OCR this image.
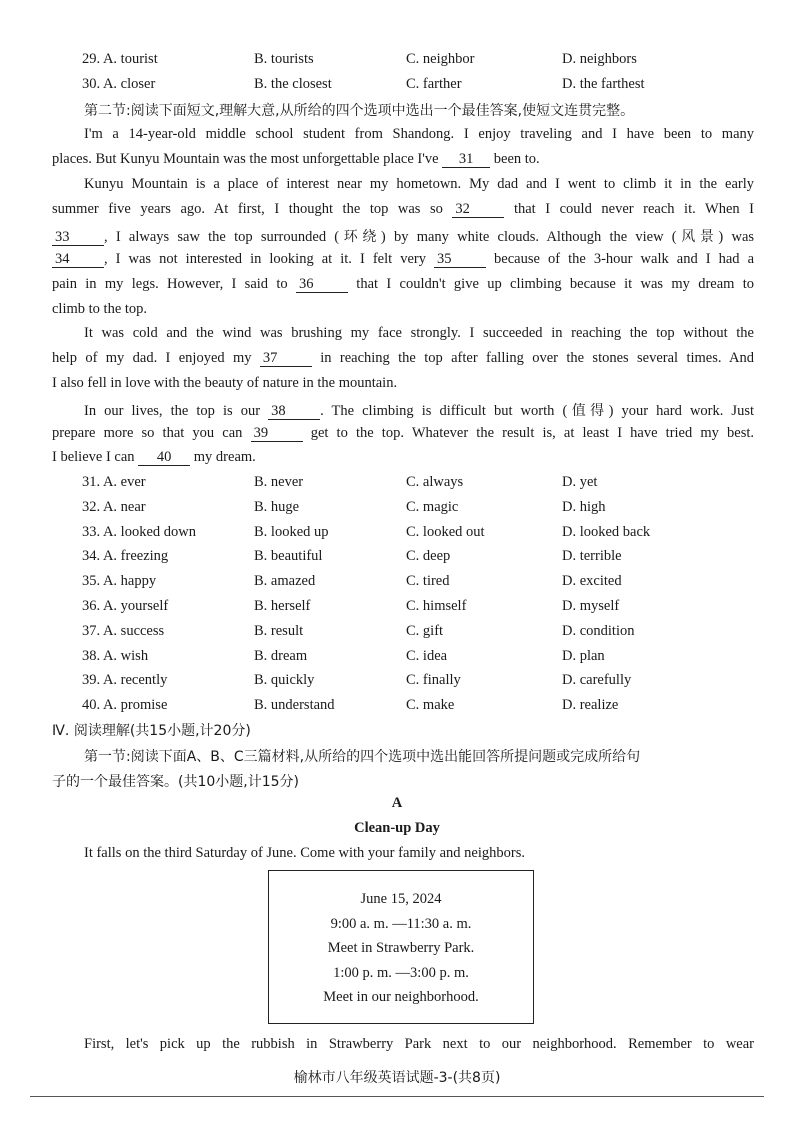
29. A. tourist	B. tourists	C. neighbor	D. neighbors
30. A. closer	B. the closest	C. farther	D. the farthest
第二节:阅读下面短文,理解大意,从所给的四个选项中选出一个最佳答案,使短文连贯完整。
I'm a 14-year-old middle school student from Shandong. I enjoy traveling and I have been to many
places. But Kunyu Mountain was the most unforgettable place I've 31 been to.
Kunyu Mountain is a place of interest near my hometown. My dad and I went to climb it in the early
summer five years ago. At first, I thought the top was so 32	that I could never reach it. When I
33 , I always saw the top surrounded (环绕) by many white clouds. Although the view (风景) was
34 , I was not interested in looking at it. I felt very 35	because of the 3-hour walk and I had a
pain in my legs. However, I said to 36	that I couldn't give up climbing because it was my dream to
climb to the top.
It was cold and the wind was brushing my face strongly. I succeeded in reaching the top without the
help of my dad. I enjoyed my 37	in reaching the top after falling over the stones several times. And
I also fell in love with the beauty of nature in the mountain.
In our lives, the top is our 38 . The climbing is difficult but worth (值得) your hard work. Just
prepare more so that you can 39	get to the top. Whatever the result is, at least I have tried my best.
I believe I can 40 my dream.
31. A. ever	B. never	C. always	D. yet
32. A. near	B. huge	C. magic	D. high
33. A. looked down	B. looked up	C. looked out	D. looked back
34. A. freezing	B. beautiful	C. deep	D. terrible
35. A. happy	B. amazed	C. tired	D. excited
36. A. yourself	B. herself	C. himself	D. myself
37. A. success	B. result	C. gift	D. condition
38. A. wish	B. dream	C. idea	D. plan
39. A. recently	B. quickly	C. finally	D. carefully
40. A. promise	B. understand	C. make	D. realize
Ⅳ. 阅读理解(共15小题,计20分)
第一节:阅读下面A、B、C三篇材料,从所给的四个选项中选出能回答所提问题或完成所给句
子的一个最佳答案。(共10小题,计15分)
A
Clean-up Day
It falls on the third Saturday of June. Come with your family and neighbors.
June 15, 2024
9:00 a. m. —11:30 a. m.
Meet in Strawberry Park.
1:00 p. m. —3:00 p. m.
Meet in our neighborhood.
First, let's pick up the rubbish in Strawberry Park next to our neighborhood. Remember to wear
榆林市八年级英语试题-3-(共8页)
